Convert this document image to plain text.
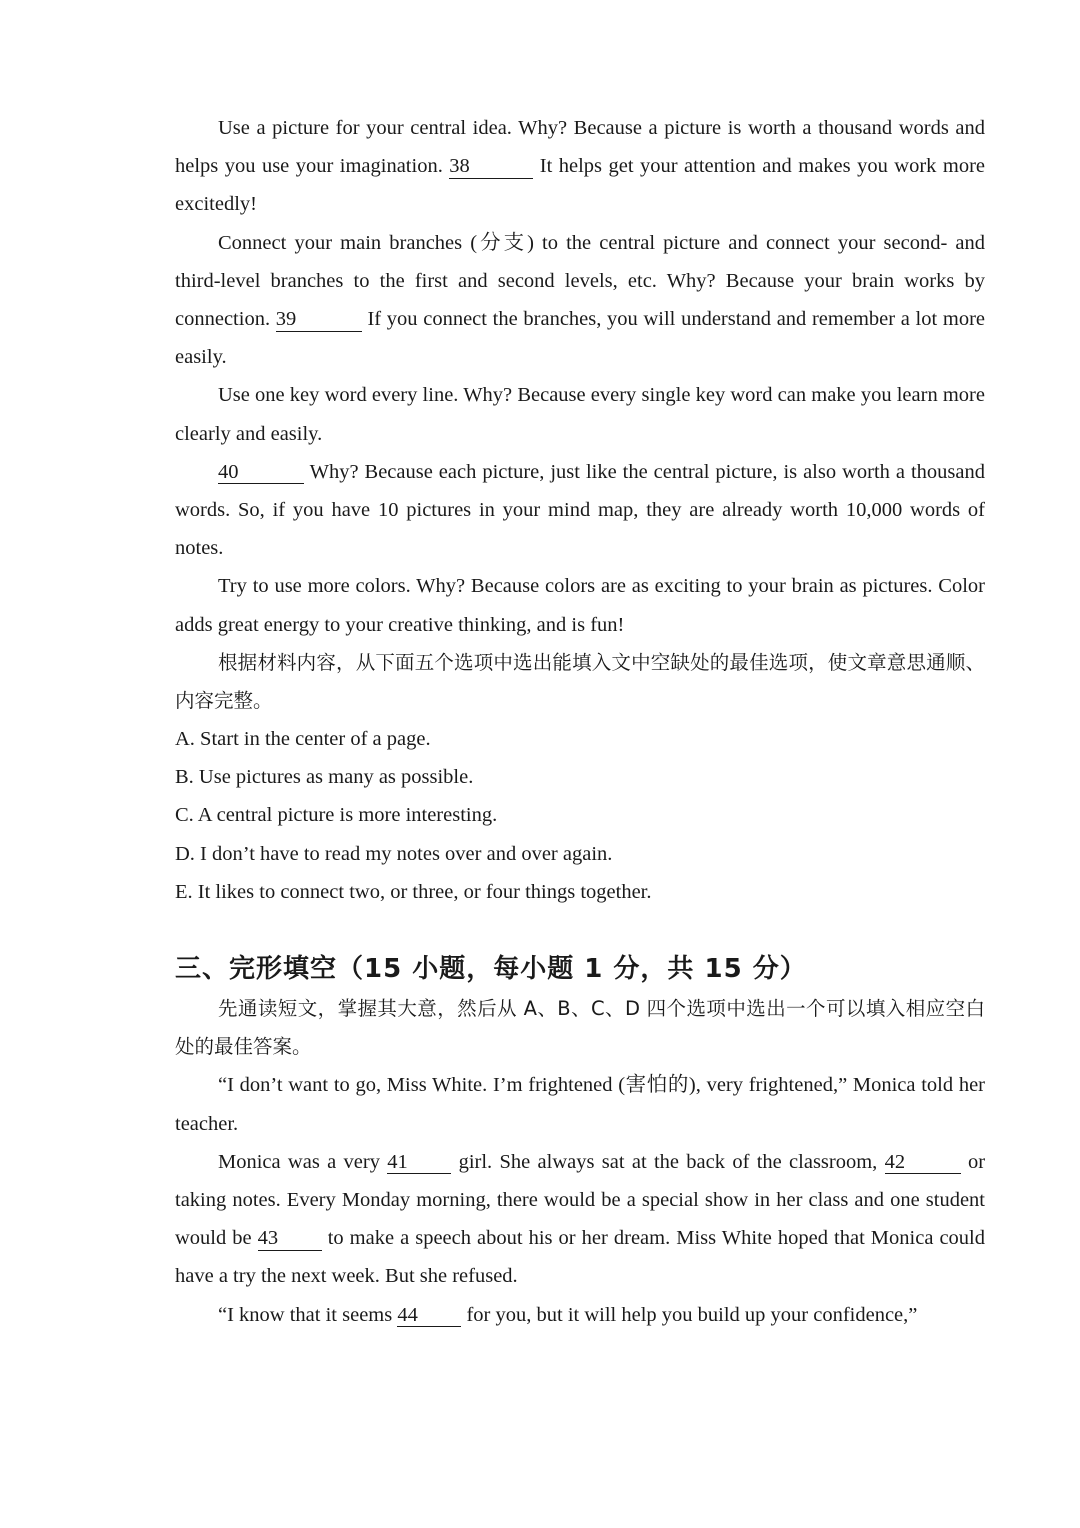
Use a picture for your central idea. Why? Because a picture is worth a thousand words and helps you use your imagination. 38	It helps get your attention and makes you work more excitedly!

Connect your main branches (分支) to the central picture and connect your second- and third-level branches to the first and second levels, etc. Why? Because your brain works by connection. 39	If you connect the branches, you will understand and remember a lot more easily.

Use one key word every line. Why? Because every single key word can make you learn more clearly and easily.

40	Why? Because each picture, just like the central picture, is also worth a thousand words. So, if you have 10 pictures in your mind map, they are already worth 10,000 words of notes.

Try to use more colors. Why? Because colors are as exciting to your brain as pictures. Color adds great energy to your creative thinking, and is fun!

根据材料内容，从下面五个选项中选出能填入文中空缺处的最佳选项，使文章意思通顺、内容完整。

A. Start in the center of a page.

B. Use pictures as many as possible.

C. A central picture is more interesting.

D. I don’t have to read my notes over and over again.

E. It likes to connect two, or three, or four things together.

三、完形填空（15 小题，每小题 1 分，共 15 分）

先通读短文，掌握其大意，然后从 A、B、C、D 四个选项中选出一个可以填入相应空白处的最佳答案。

“I don’t want to go, Miss White. I’m frightened (害怕的), very frightened,” Monica told her teacher.

Monica was a very 41 girl. She always sat at the back of the classroom, 42	or taking notes. Every Monday morning, there would be a special show in her class and one student would be 43 to make a speech about his or her dream. Miss White hoped that Monica could have a try the next week. But she refused.

“I know that it seems 44 for you, but it will help you build up your confidence,”
